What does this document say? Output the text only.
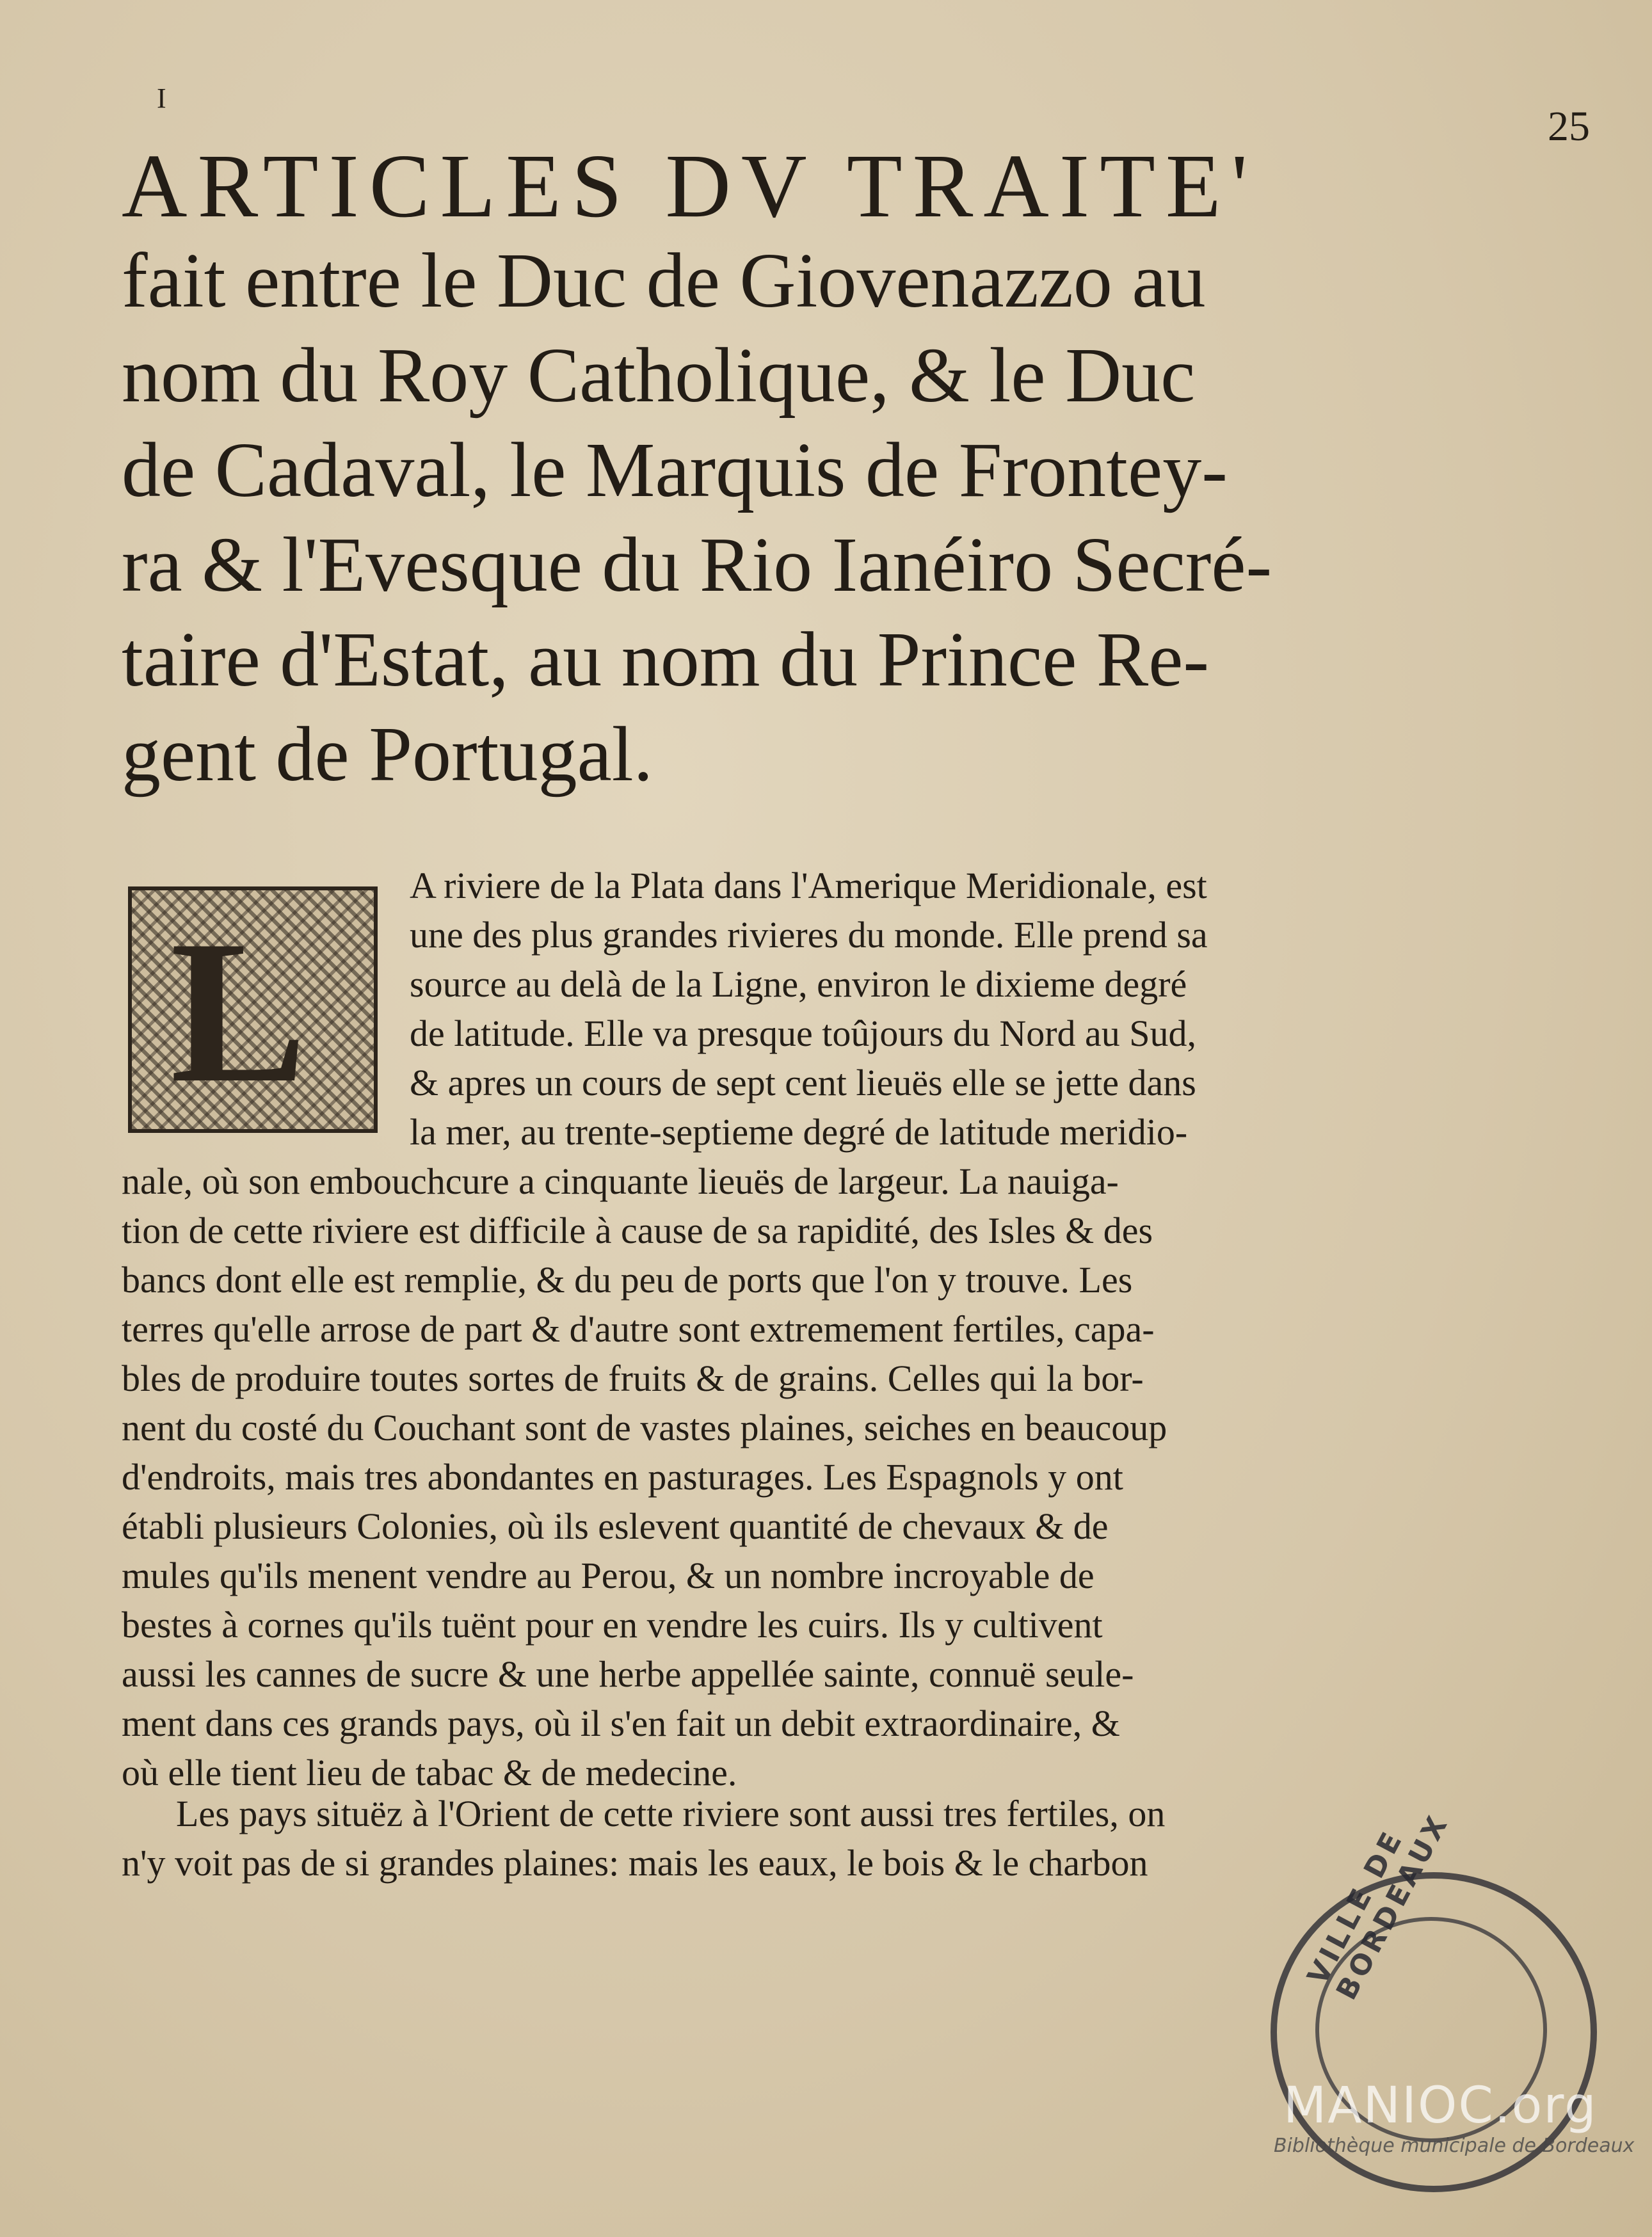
I
25

ARTICLES DV TRAITE'

fait entre le Duc de Giovenazzo au

nom du Roy Catholique, & le Duc

de Cadaval, le Marquis de Frontey-

ra & l'Evesque du Rio Ianéiro Secré-

taire d'Estat, au nom du Prince Re-

gent de Portugal.

L

A riviere de la Plata dans l'Amerique Meridionale, est

une des plus grandes rivieres du monde. Elle prend sa

source au delà de la Ligne, environ le dixieme degré

de latitude. Elle va presque toûjours du Nord au Sud,

& apres un cours de sept cent lieuës elle se jette dans

la mer, au trente-septieme degré de latitude meridio-

nale, où son embouchcure a cinquante lieuës de largeur. La nauiga-

tion de cette riviere est difficile à cause de sa rapidité, des Isles & des

bancs dont elle est remplie, & du peu de ports que l'on y trouve. Les

terres qu'elle arrose de part & d'autre sont extremement fertiles, capa-

bles de produire toutes sortes de fruits & de grains. Celles qui la bor-

nent du costé du Couchant sont de vastes plaines, seiches en beaucoup

d'endroits, mais tres abondantes en pasturages. Les Espagnols y ont

établi plusieurs Colonies, où ils eslevent quantité de chevaux & de

mules qu'ils menent vendre au Perou, & un nombre incroyable de

bestes à cornes qu'ils tuënt pour en vendre les cuirs. Ils y cultivent

aussi les cannes de sucre & une herbe appellée sainte, connuë seule-

ment dans ces grands pays, où il s'en fait un debit extraordinaire, &

où elle tient lieu de tabac & de medecine.

Les pays situëz à l'Orient de cette riviere sont aussi tres fertiles, on

n'y voit pas de si grandes plaines: mais les eaux, le bois & le charbon	VILLE DE BORDEAUX
MANIOC.org
Bibliothèque municipale de Bordeaux
